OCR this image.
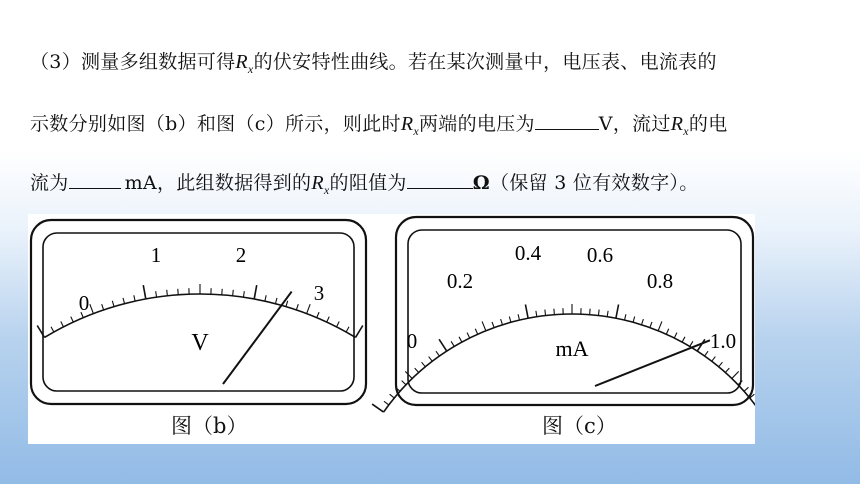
（3）测量多组数据可得$R_x$的伏安特性曲线。若在某次测量中，电压表、电流表的
示数分别如图（b）和图（c）所示，则此时$R_x$两端的电压为	V，流过$R_x$的电
流为	mA，此组数据得到的$R_x$的阻值为	Ω（保留 3 位有效数字）。
0
1	2
3
V	0
0.2
0.4 0.6
0.8
1.0
mA
图（b）	图（c）
